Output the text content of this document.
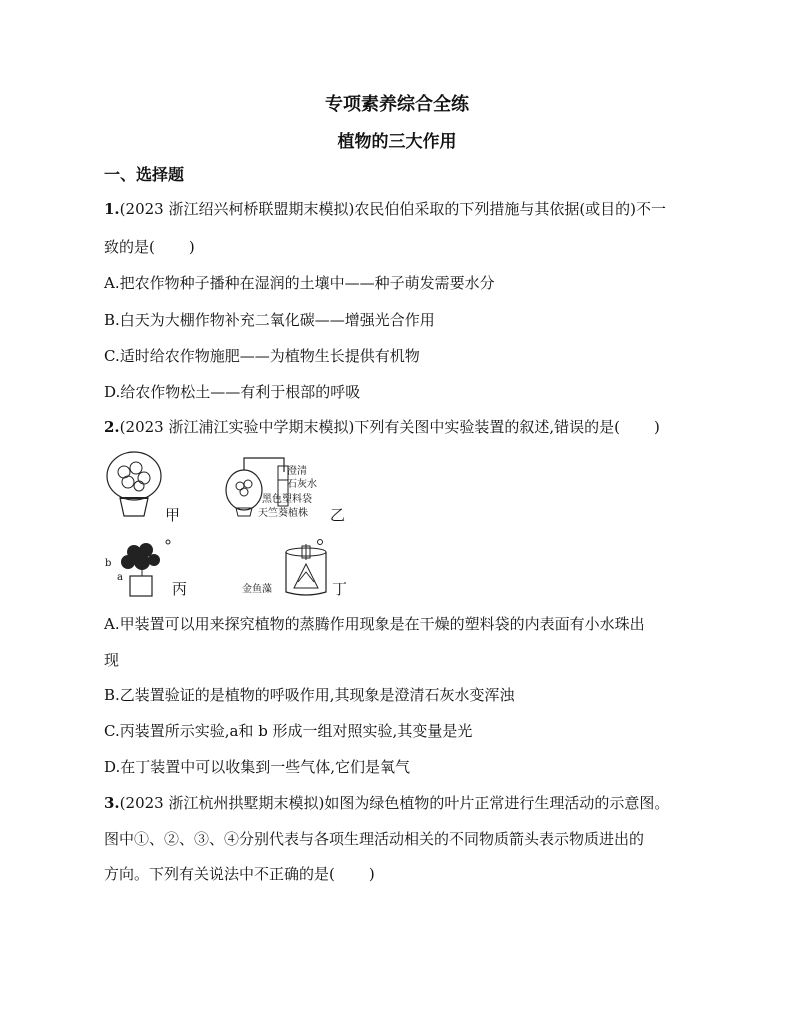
专项素养综合全练
植物的三大作用
一、选择题
1.(2023 浙江绍兴柯桥联盟期末模拟)农民伯伯采取的下列措施与其依据(或目的)不一
致的是( )
A.把农作物种子播种在湿润的土壤中——种子萌发需要水分
B.白天为大棚作物补充二氧化碳——增强光合作用
C.适时给农作物施肥——为植物生长提供有机物
D.给农作物松土——有利于根部的呼吸
2.(2023 浙江浦江实验中学期末模拟)下列有关图中实验装置的叙述,错误的是( )
甲
澄清
石灰水
黑色塑料袋
天竺葵植株 乙
b
a
丙	金鱼藻	丁
A.甲装置可以用来探究植物的蒸腾作用现象是在干燥的塑料袋的内表面有小水珠出
现
B.乙装置验证的是植物的呼吸作用,其现象是澄清石灰水变浑浊
C.丙装置所示实验,a和 b 形成一组对照实验,其变量是光
D.在丁装置中可以收集到一些气体,它们是氧气
3.(2023 浙江杭州拱墅期末模拟)如图为绿色植物的叶片正常进行生理活动的示意图。
图中①、②、③、④分别代表与各项生理活动相关的不同物质箭头表示物质进出的
方向。下列有关说法中不正确的是( )
